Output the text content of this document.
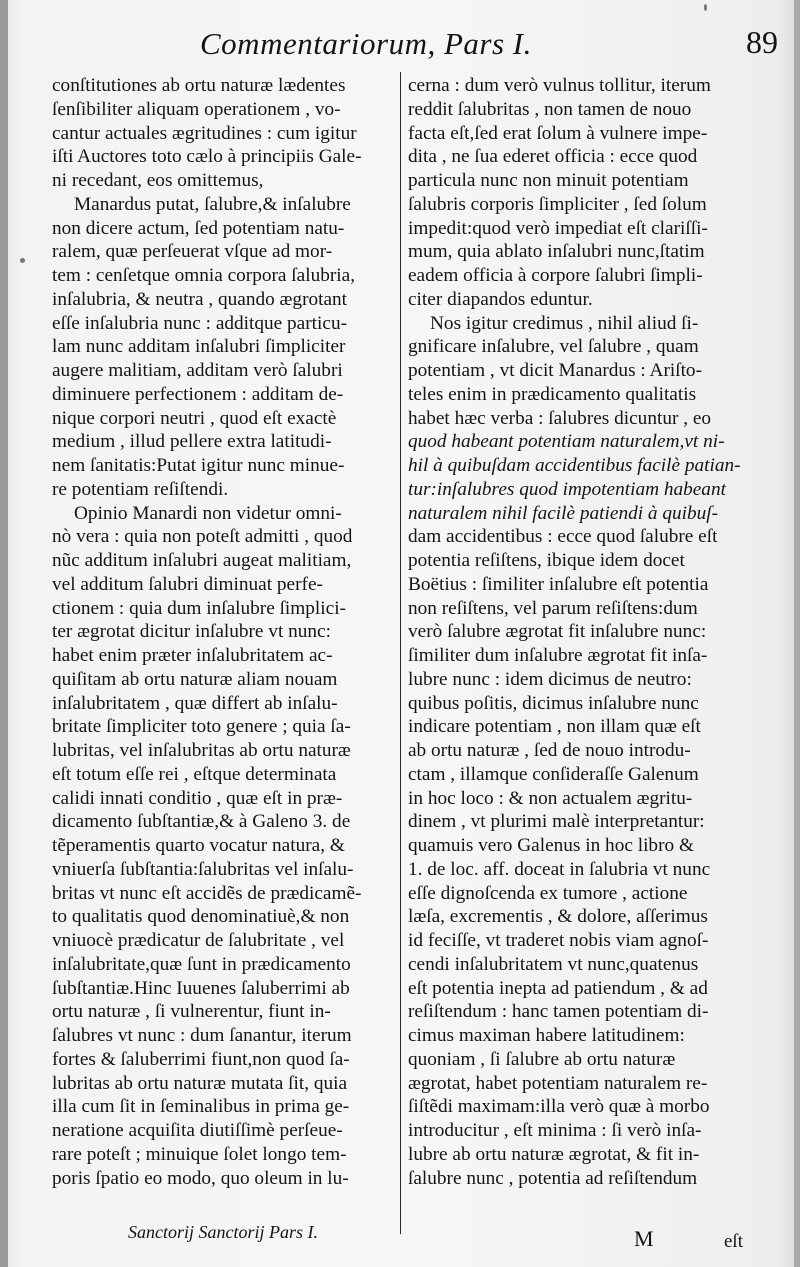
Commentariorum, Pars I.	89
conſtitutiones ab ortu naturæ lædentes
ſenſibiliter aliquam operationem , vo-
cantur actuales ægritudines : cum igitur
iſti Auctores toto cælo à principiis Gale-
ni recedant, eos omittemus,
Manardus putat, ſalubre,& inſalubre
non dicere actum, ſed potentiam natu-
ralem, quæ perſeuerat vſque ad mor-
tem : cenſetque omnia corpora ſalubria,
inſalubria, & neutra , quando ægrotant
eſſe inſalubria nunc : additque particu-
lam nunc additam inſalubri ſimpliciter
augere malitiam, additam verò ſalubri
diminuere perfectionem : additam de-
nique corpori neutri , quod eſt exactè
medium , illud pellere extra latitudi-
nem ſanitatis:Putat igitur nunc minue-
re potentiam reſiſtendi.
Opinio Manardi non videtur omni-
nò vera : quia non poteſt admitti , quod
nũc additum inſalubri augeat malitiam,
vel additum ſalubri diminuat perfe-
ctionem : quia dum inſalubre ſimplici-
ter ægrotat dicitur inſalubre vt nunc:
habet enim præter inſalubritatem ac-
quiſitam ab ortu naturæ aliam nouam
inſalubritatem , quæ differt ab inſalu-
britate ſimpliciter toto genere ; quia ſa-
lubritas, vel inſalubritas ab ortu naturæ
eſt totum eſſe rei , eſtque determinata
calidi innati conditio , quæ eſt in præ-
dicamento ſubſtantiæ,& à Galeno 3. de
tẽperamentis quarto vocatur natura, &
vniuerſa ſubſtantia:ſalubritas vel inſalu-
britas vt nunc eſt accidẽs de prædicamẽ-
to qualitatis quod denominatiuè,& non
vniuocè prædicatur de ſalubritate , vel
inſalubritate,quæ ſunt in prædicamento
ſubſtantiæ.Hinc Iuuenes ſaluberrimi ab
ortu naturæ , ſi vulnerentur, fiunt in-
ſalubres vt nunc : dum ſanantur, iterum
fortes & ſaluberrimi fiunt,non quod ſa-
lubritas ab ortu naturæ mutata ſit, quia
illa cum ſit in ſeminalibus in prima ge-
neratione acquiſita diutiſſimè perſeue-
rare poteſt ; minuique ſolet longo tem-
poris ſpatio eo modo, quo oleum in lu-
cerna : dum verò vulnus tollitur, iterum
reddit ſalubritas , non tamen de nouo
facta eſt,ſed erat ſolum à vulnere impe-
dita , ne ſua ederet officia : ecce quod
particula nunc non minuit potentiam
ſalubris corporis ſimpliciter , ſed ſolum
impedit:quod verò impediat eſt clariſſi-
mum, quia ablato inſalubri nunc,ſtatim
eadem officia à corpore ſalubri ſimpli-
citer diapandos eduntur.
Nos igitur credimus , nihil aliud ſi-
gnificare inſalubre, vel ſalubre , quam
potentiam , vt dicit Manardus : Ariſto-
teles enim in prædicamento qualitatis
habet hæc verba : ſalubres dicuntur , eo
quod habeant potentiam naturalem,vt ni-
hil à quibuſdam accidentibus facilè patian-
tur:inſalubres quod impotentiam habeant
naturalem nihil facilè patiendi à quibuſ-
dam accidentibus : ecce quod ſalubre eſt
potentia reſiſtens, ibique idem docet
Boëtius : ſimiliter inſalubre eſt potentia
non reſiſtens, vel parum reſiſtens:dum
verò ſalubre ægrotat fit inſalubre nunc:
ſimiliter dum inſalubre ægrotat fit inſa-
lubre nunc : idem dicimus de neutro:
quibus poſitis, dicimus inſalubre nunc
indicare potentiam , non illam quæ eſt
ab ortu naturæ , ſed de nouo introdu-
ctam , illamque conſideraſſe Galenum
in hoc loco : & non actualem ægritu-
dinem , vt plurimi malè interpretantur:
quamuis vero Galenus in hoc libro &
1. de loc. aff. doceat in ſalubria vt nunc
eſſe dignoſcenda ex tumore , actione
læſa, excrementis , & dolore, aſſerimus
id feciſſe, vt traderet nobis viam agnoſ-
cendi inſalubritatem vt nunc,quatenus
eſt potentia inepta ad patiendum , & ad
reſiſtendum : hanc tamen potentiam di-
cimus maximan habere latitudinem:
quoniam , ſi ſalubre ab ortu naturæ
ægrotat, habet potentiam naturalem re-
ſiſtẽdi maximam:illa verò quæ à morbo
introducitur , eſt minima : ſi verò inſa-
lubre ab ortu naturæ ægrotat, & fit in-
ſalubre nunc , potentia ad reſiſtendum
Sanctorij Sanctorij Pars I.	M	eſt
